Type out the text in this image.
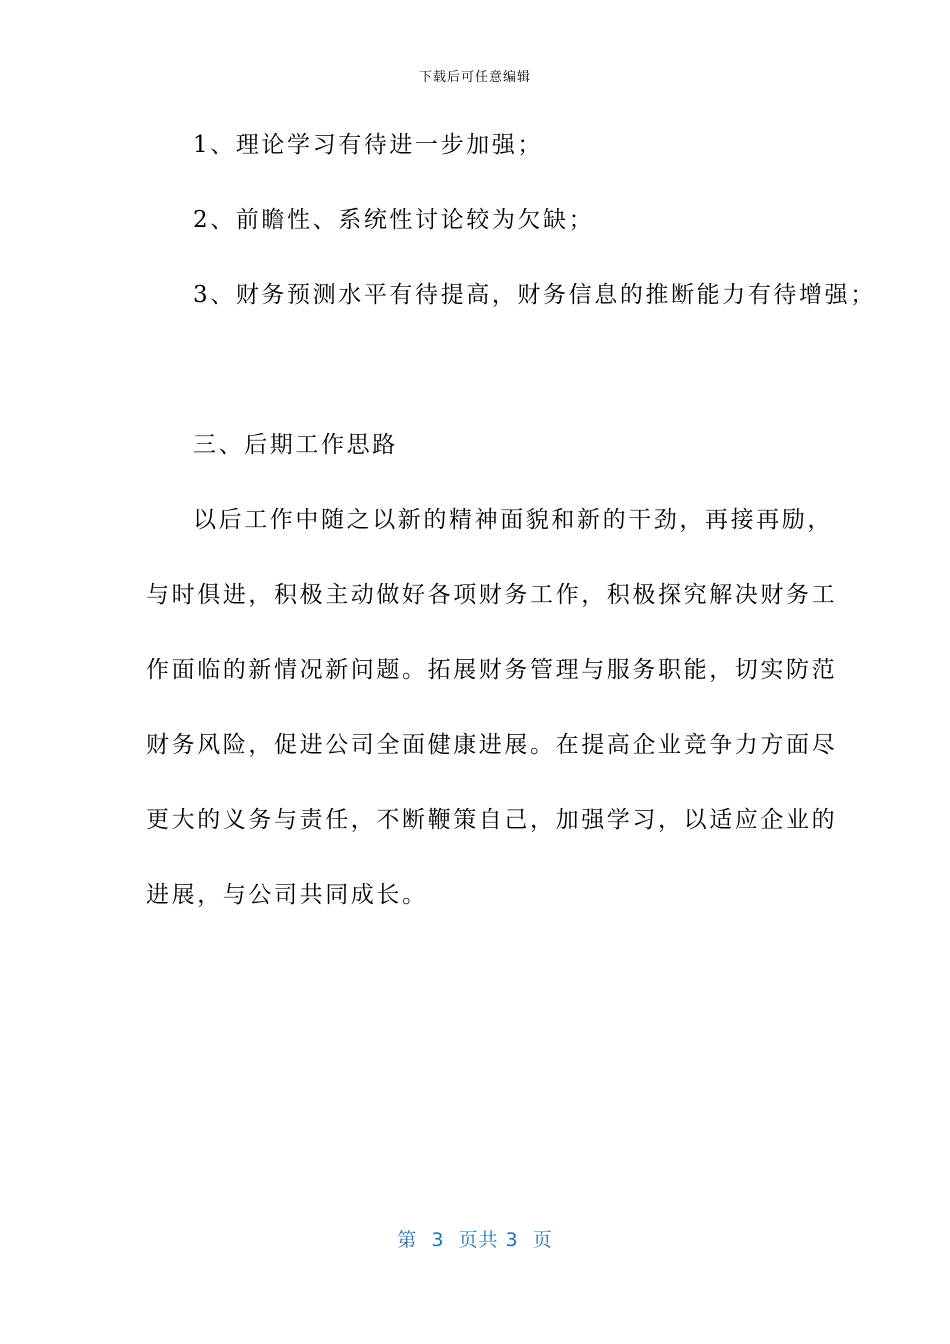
下载后可任意编辑
1、理论学习有待进一步加强；
2、前瞻性、系统性讨论较为欠缺；
3、财务预测水平有待提高，财务信息的推断能力有待增强；
三、后期工作思路
以后工作中随之以新的精神面貌和新的干劲，再接再励，
与时俱进，积极主动做好各项财务工作，积极探究解决财务工
作面临的新情况新问题。拓展财务管理与服务职能，切实防范
财务风险，促进公司全面健康进展。在提高企业竞争力方面尽
更大的义务与责任，不断鞭策自己，加强学习，以适应企业的
进展，与公司共同成长。
第  3  页共 3  页
